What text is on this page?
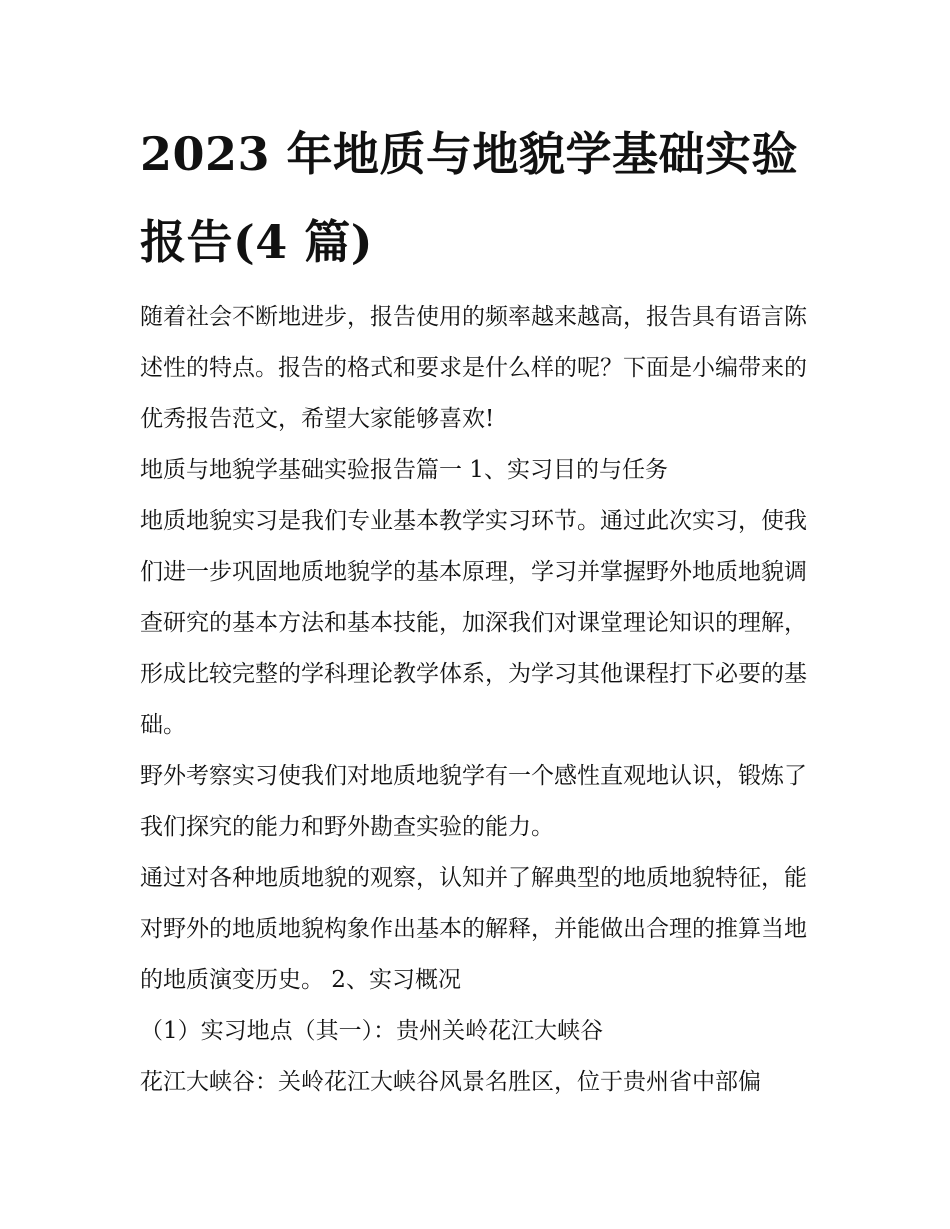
2023 年地质与地貌学基础实验报告(4 篇)

随着社会不断地进步，报告使用的频率越来越高，报告具有语言陈述性的特点。报告的格式和要求是什么样的呢？下面是小编带来的优秀报告范文，希望大家能够喜欢!

地质与地貌学基础实验报告篇一 1、实习目的与任务

地质地貌实习是我们专业基本教学实习环节。通过此次实习，使我们进一步巩固地质地貌学的基本原理，学习并掌握野外地质地貌调查研究的基本方法和基本技能，加深我们对课堂理论知识的理解，形成比较完整的学科理论教学体系，为学习其他课程打下必要的基础。

野外考察实习使我们对地质地貌学有一个感性直观地认识，锻炼了我们探究的能力和野外勘查实验的能力。

通过对各种地质地貌的观察，认知并了解典型的地质地貌特征，能对野外的地质地貌构象作出基本的解释，并能做出合理的推算当地的地质演变历史。 2、实习概况

（1）实习地点（其一）：贵州关岭花江大峡谷

花江大峡谷：关岭花江大峡谷风景名胜区，位于贵州省中部偏
